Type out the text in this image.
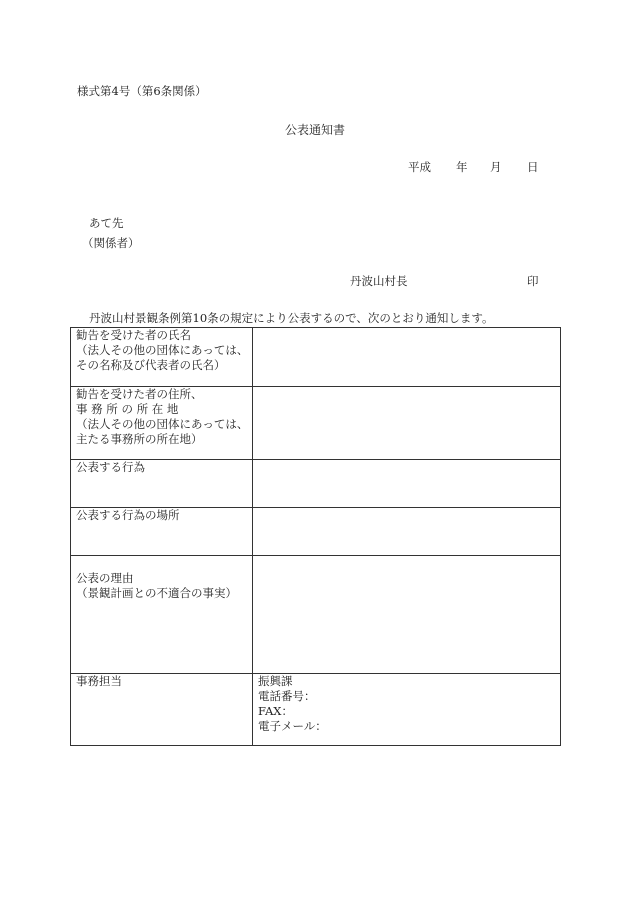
様式第4号（第6条関係）
公表通知書
平成 年 月 日
あて先
（関係者）
丹波山村長	印
丹波山村景観条例第10条の規定により公表するので、次のとおり通知します。
勧告を受けた者の氏名
（法人その他の団体にあっては、
その名称及び代表者の氏名）	

勧告を受けた者の住所、
事 務 所 の 所 在 地
（法人その他の団体にあっては、
主たる事務所の所在地）	

公表する行為	

公表する行為の場所	

公表の理由
（景観計画との不適合の事実）	

事務担当	振興課
電話番号：
FAX：
電子メール：
